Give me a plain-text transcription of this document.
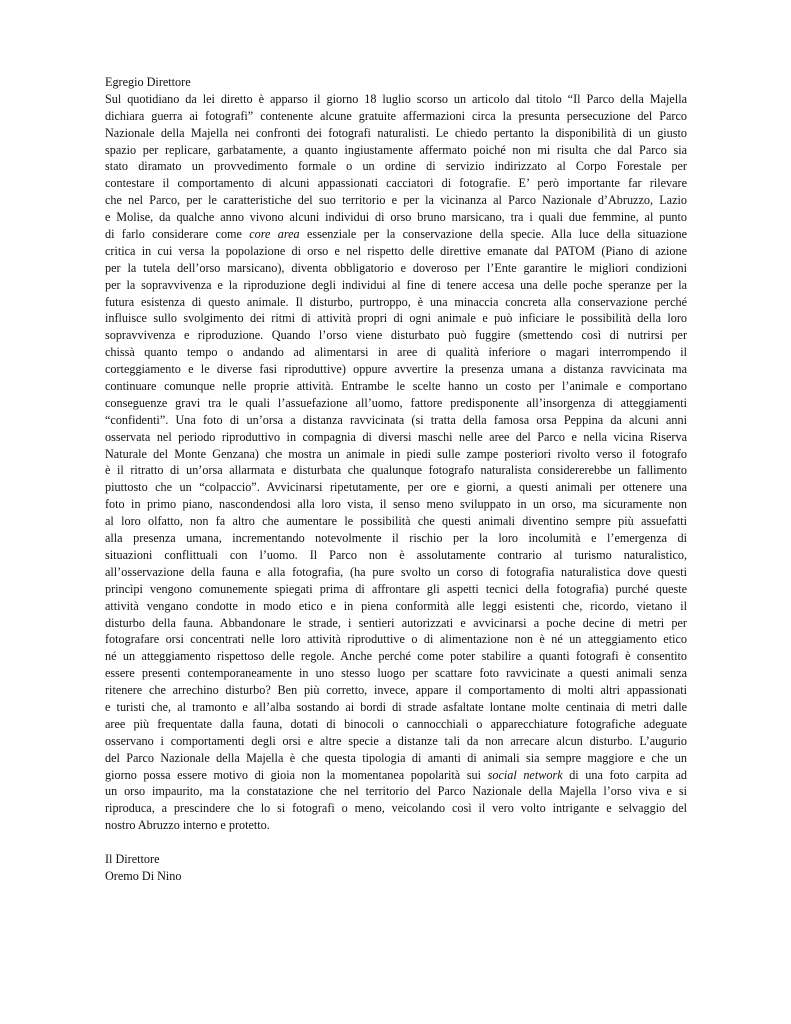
Egregio Direttore
Sul quotidiano da lei diretto è apparso il giorno 18 luglio scorso un articolo dal titolo “Il Parco della Majella
dichiara guerra ai fotografi” contenente alcune gratuite affermazioni circa la presunta persecuzione del Parco
Nazionale della Majella nei confronti dei fotografi naturalisti. Le chiedo pertanto la disponibilità di un giusto
spazio per replicare, garbatamente, a quanto ingiustamente affermato poiché non mi risulta che dal Parco sia
stato diramato un provvedimento formale o un ordine di servizio indirizzato al Corpo Forestale per
contestare il comportamento di alcuni appassionati cacciatori di fotografie. E’ però importante far rilevare
che nel Parco, per le caratteristiche del suo territorio e per la vicinanza al Parco Nazionale d’Abruzzo, Lazio
e Molise, da qualche anno vivono alcuni individui di orso bruno marsicano, tra i quali due femmine, al punto
di farlo considerare come core area essenziale per la conservazione della specie. Alla luce della situazione
critica in cui versa la popolazione di orso e nel rispetto delle direttive emanate dal PATOM (Piano di azione
per la tutela dell’orso marsicano), diventa obbligatorio e doveroso per l’Ente garantire le migliori condizioni
per la sopravvivenza e la riproduzione degli individui al fine di tenere accesa una delle poche speranze per la
futura esistenza di questo animale. Il disturbo, purtroppo, è una minaccia concreta alla conservazione perché
influisce sullo svolgimento dei ritmi di attività propri di ogni animale e può inficiare le possibilità della loro
sopravvivenza e riproduzione. Quando l’orso viene disturbato può fuggire (smettendo così di nutrirsi per
chissà quanto tempo o andando ad alimentarsi in aree di qualità inferiore o magari interrompendo il
corteggiamento e le diverse fasi riproduttive) oppure avvertire la presenza umana a distanza ravvicinata ma
continuare comunque nelle proprie attività. Entrambe le scelte hanno un costo per l’animale e comportano
conseguenze gravi tra le quali l’assuefazione all’uomo, fattore predisponente all’insorgenza di atteggiamenti
“confidenti”. Una foto di un’orsa a distanza ravvicinata (si tratta della famosa orsa Peppina da alcuni anni
osservata nel periodo riproduttivo in compagnia di diversi maschi nelle aree del Parco e nella vicina Riserva
Naturale del Monte Genzana) che mostra un animale in piedi sulle zampe posteriori rivolto verso il fotografo
è il ritratto di un’orsa allarmata e disturbata che qualunque fotografo naturalista considererebbe un fallimento
piuttosto che un “colpaccio”. Avvicinarsi ripetutamente, per ore e giorni, a questi animali per ottenere una
foto in primo piano, nascondendosi alla loro vista, il senso meno sviluppato in un orso, ma sicuramente non
al loro olfatto, non fa altro che aumentare le possibilità che questi animali diventino sempre più assuefatti
alla presenza umana, incrementando notevolmente il rischio per la loro incolumità e l’emergenza di
situazioni conflittuali con l’uomo. Il Parco non è assolutamente contrario al turismo naturalistico,
all’osservazione della fauna e alla fotografia, (ha pure svolto un corso di fotografia naturalistica dove questi
princìpi vengono comunemente spiegati prima di affrontare gli aspetti tecnici della fotografia) purché queste
attività vengano condotte in modo etico e in piena conformità alle leggi esistenti che, ricordo, vietano il
disturbo della fauna. Abbandonare le strade, i sentieri autorizzati e avvicinarsi a poche decine di metri per
fotografare orsi concentrati nelle loro attività riproduttive o di alimentazione non è né un atteggiamento etico
né un atteggiamento rispettoso delle regole. Anche perché come poter stabilire a quanti fotografi è consentito
essere presenti contemporaneamente in uno stesso luogo per scattare foto ravvicinate a questi animali senza
ritenere che arrechino disturbo? Ben più corretto, invece, appare il comportamento di molti altri appassionati
e turisti che, al tramonto e all’alba sostando ai bordi di strade asfaltate lontane molte centinaia di metri dalle
aree più frequentate dalla fauna, dotati di binocoli o cannocchiali o apparecchiature fotografiche adeguate
osservano i comportamenti degli orsi e altre specie a distanze tali da non arrecare alcun disturbo. L’augurio
del Parco Nazionale della Majella è che questa tipologia di amanti di animali sia sempre maggiore e che un
giorno possa essere motivo di gioia non la momentanea popolarità sui social network di una foto carpita ad
un orso impaurito, ma la constatazione che nel territorio del Parco Nazionale della Majella l’orso viva e si
riproduca, a prescindere che lo si fotografi o meno, veicolando così il vero volto intrigante e selvaggio del
nostro Abruzzo interno e protetto.
Il Direttore
Oremo Di Nino
